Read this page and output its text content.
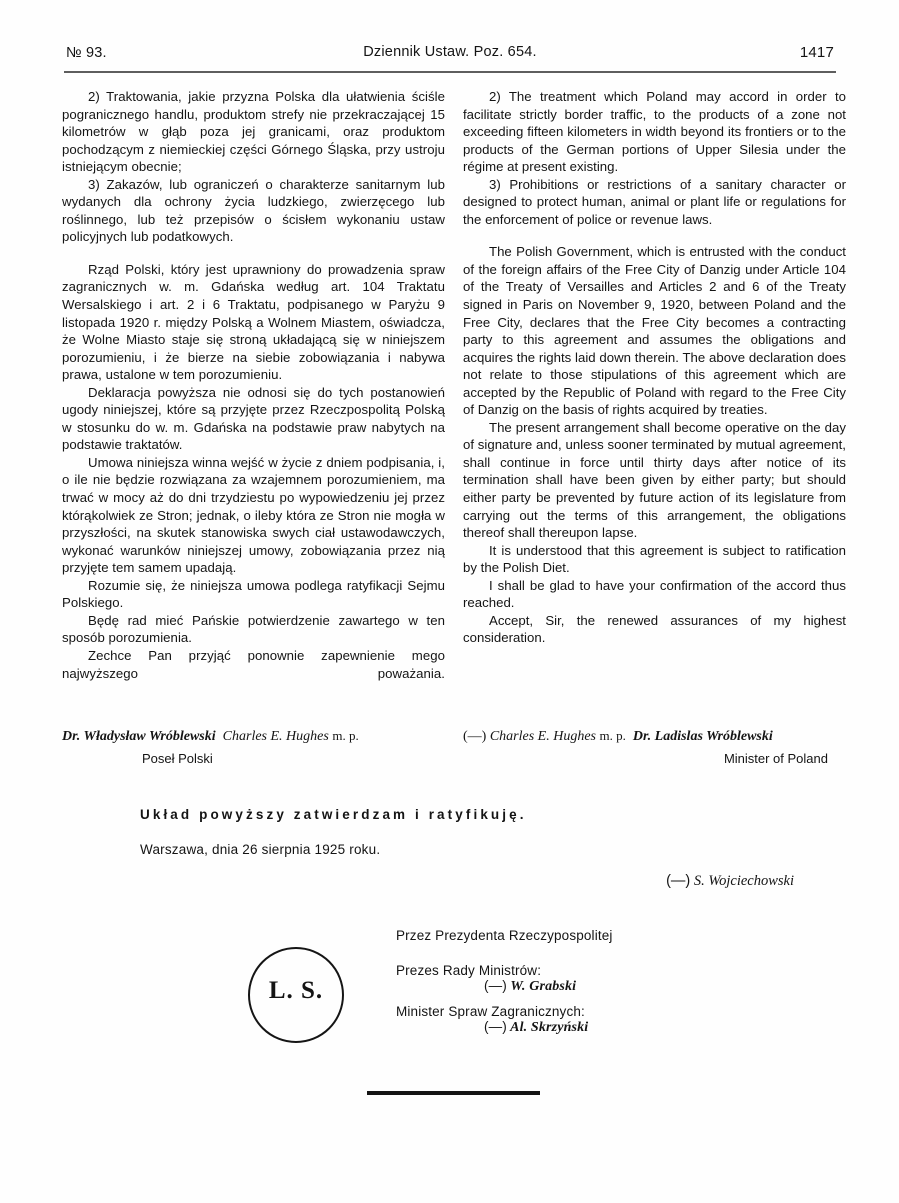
№ 93.	Dziennik Ustaw. Poz. 654.	1417

2) Traktowania, jakie przyzna Polska dla ułatwienia ściśle pogranicznego handlu, produktom strefy nie przekraczającej 15 kilometrów w głąb poza jej granicami, oraz produktom pochodzącym z niemieckiej części Górnego Śląska, przy ustroju istniejącym obecnie;

3) Zakazów, lub ograniczeń o charakterze sanitarnym lub wydanych dla ochrony życia ludzkiego, zwierzęcego lub roślinnego, lub też przepisów o ścisłem wykonaniu ustaw policyjnych lub podatkowych.

Rząd Polski, który jest uprawniony do prowadzenia spraw zagranicznych w. m. Gdańska według art. 104 Traktatu Wersalskiego i art. 2 i 6 Traktatu, podpisanego w Paryżu 9 listopada 1920 r. między Polską a Wolnem Miastem, oświadcza, że Wolne Miasto staje się stroną układającą się w niniejszem porozumieniu, i że bierze na siebie zobowiązania i nabywa prawa, ustalone w tem porozumieniu.

Deklaracja powyższa nie odnosi się do tych postanowień ugody niniejszej, które są przyjęte przez Rzeczpospolitą Polską w stosunku do w. m. Gdańska na podstawie praw nabytych na podstawie traktatów.

Umowa niniejsza winna wejść w życie z dniem podpisania, i, o ile nie będzie rozwiązana za wzajemnem porozumieniem, ma trwać w mocy aż do dni trzydziestu po wypowiedzeniu jej przez którąkolwiek ze Stron; jednak, o ileby która ze Stron nie mogła w przyszłości, na skutek stanowiska swych ciał ustawodawczych, wykonać warunków niniejszej umowy, zobowiązania przez nią przyjęte tem samem upadają.

Rozumie się, że niniejsza umowa podlega ratyfikacji Sejmu Polskiego.

Będę rad mieć Pańskie potwierdzenie zawartego w ten sposób porozumienia.

Zechce Pan przyjąć ponownie zapewnienie mego najwyższego poważania.

2) The treatment which Poland may accord in order to facilitate strictly border traffic, to the products of a zone not exceeding fifteen kilometers in width beyond its frontiers or to the products of the German portions of Upper Silesia under the régime at present existing.

3) Prohibitions or restrictions of a sanitary character or designed to protect human, animal or plant life or regulations for the enforcement of police or revenue laws.

The Polish Government, which is entrusted with the conduct of the foreign affairs of the Free City of Danzig under Article 104 of the Treaty of Versailles and Articles 2 and 6 of the Treaty signed in Paris on November 9, 1920, between Poland and the Free City, declares that the Free City becomes a contracting party to this agreement and assumes the obligations and acquires the rights laid down therein. The above declaration does not relate to those stipulations of this agreement which are accepted by the Republic of Poland with regard to the Free City of Danzig on the basis of rights acquired by treaties.

The present arrangement shall become operative on the day of signature and, unless sooner terminated by mutual agreement, shall continue in force until thirty days after notice of its termination shall have been given by either party; but should either party be prevented by future action of its legislature from carrying out the terms of this arrangement, the obligations thereof shall thereupon lapse.

It is understood that this agreement is subject to ratification by the Polish Diet.

I shall be glad to have your confirmation of the accord thus reached.

Accept, Sir, the renewed assurances of my highest consideration.

Dr. Władysław Wróblewski Charles E. Hughes m. p.
Poseł Polski
(—) Charles E. Hughes m. p. Dr. Ladislas Wróblewski
Minister of Poland
Układ powyższy zatwierdzam i ratyfikuję.
Warszawa, dnia 26 sierpnia 1925 roku.
(—) S. Wojciechowski
L. S.
Przez Prezydenta Rzeczypospolitej
Prezes Rady Ministrów:
(—) W. Grabski
Minister Spraw Zagranicznych:
(—) Al. Skrzyński
